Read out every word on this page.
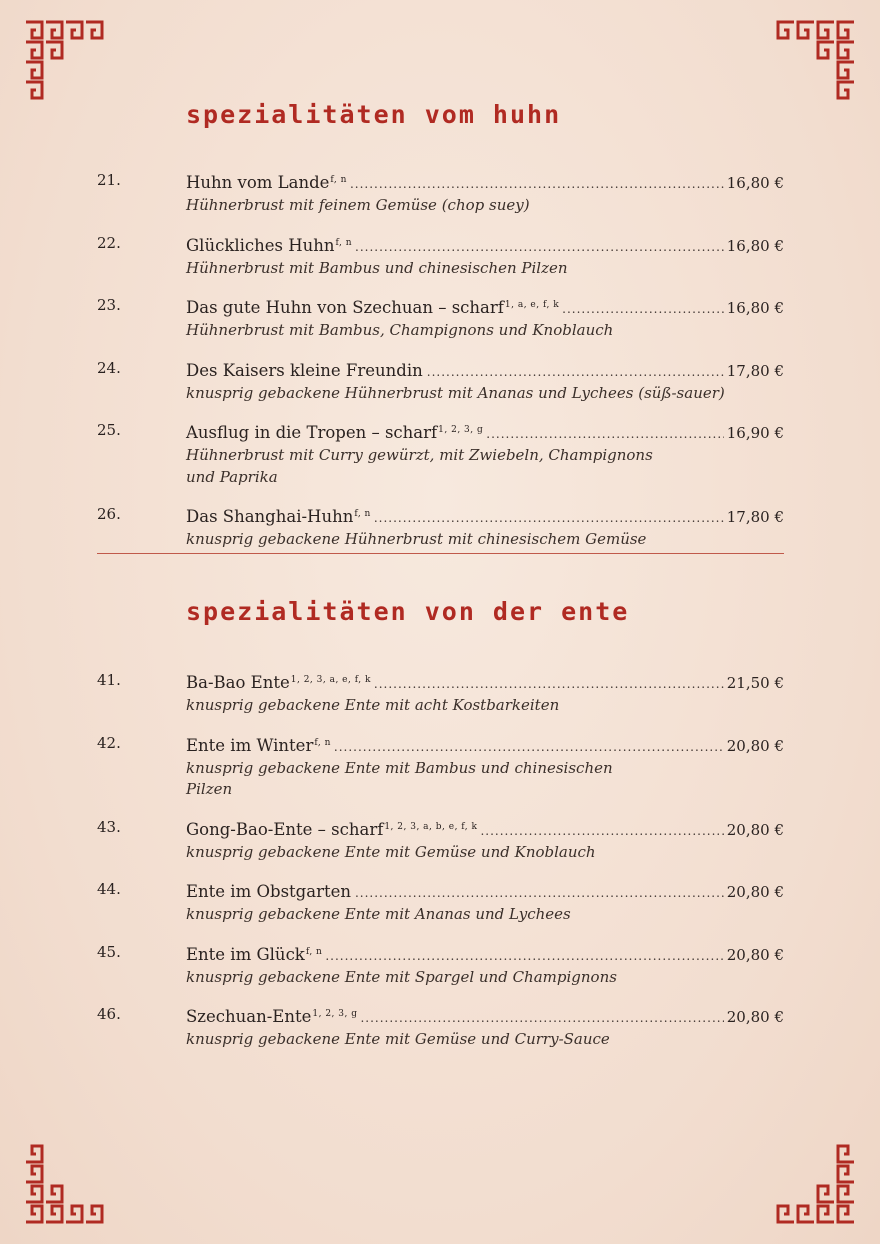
spezialitäten vom huhn
21.	Huhn vom Lande$^{f, n}$ .....	16,80 €
Hühnerbrust mit feinem Gemüse (chop suey)
22.	Glückliches Huhn$^{f, n}$ .....	16,80 €
Hühnerbrust mit Bambus und chinesischen Pilzen
23.	Das gute Huhn von Szechuan – scharf$^{1, a, e, f, k}$ .....	16,80 €
Hühnerbrust mit Bambus, Champignons und Knoblauch
24.	Des Kaisers kleine Freundin .....	17,80 €
knusprig gebackene Hühnerbrust mit Ananas und Lychees (süß-sauer)
25.	Ausflug in die Tropen – scharf$^{1, 2, 3, g}$ .....	16,90 €
Hühnerbrust mit Curry gewürzt, mit Zwiebeln, Champignons und Paprika
26.	Das Shanghai-Huhn$^{f, n}$ .....	17,80 €
knusprig gebackene Hühnerbrust mit chinesischem Gemüse
spezialitäten von der ente
41.	Ba-Bao Ente$^{1, 2, 3, a, e, f, k}$ .....	21,50 €
knusprig gebackene Ente mit acht Kostbarkeiten
42.	Ente im Winter$^{f, n}$ .....	20,80 €
knusprig gebackene Ente mit Bambus und chinesischen Pilzen
43.	Gong-Bao-Ente – scharf$^{1, 2, 3, a, b, e, f, k}$ .....	20,80 €
knusprig gebackene Ente mit Gemüse und Knoblauch
44.	Ente im Obstgarten .....	20,80 €
knusprig gebackene Ente mit Ananas und Lychees
45.	Ente im Glück$^{f, n}$ .....	20,80 €
knusprig gebackene Ente mit Spargel und Champignons
46.	Szechuan-Ente$^{1, 2, 3, g}$ .....	20,80 €
knusprig gebackene Ente mit Gemüse und Curry-Sauce
